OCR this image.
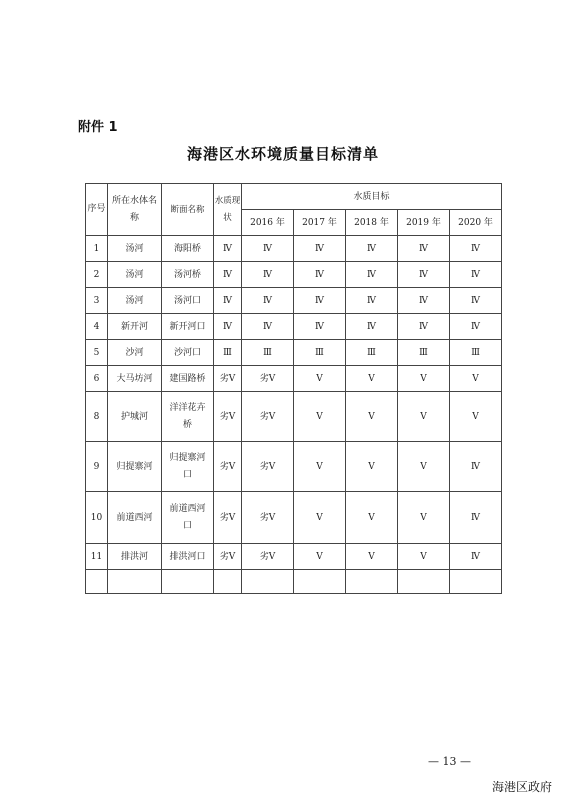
附件 1
海港区水环境质量目标清单
序号	所在水体名称	断面名称	水质现状	水质目标				
				2016 年	2017 年	2018 年	2019 年	2020 年
1	汤河	海阳桥	Ⅳ	Ⅳ	Ⅳ	Ⅳ	Ⅳ	Ⅳ
2	汤河	汤河桥	Ⅳ	Ⅳ	Ⅳ	Ⅳ	Ⅳ	Ⅳ
3	汤河	汤河口	Ⅳ	Ⅳ	Ⅳ	Ⅳ	Ⅳ	Ⅳ
4	新开河	新开河口	Ⅳ	Ⅳ	Ⅳ	Ⅳ	Ⅳ	Ⅳ
5	沙河	沙河口	Ⅲ	Ⅲ	Ⅲ	Ⅲ	Ⅲ	Ⅲ
6	大马坊河	建国路桥	劣Ⅴ	劣Ⅴ	Ⅴ	Ⅴ	Ⅴ	Ⅴ
8	护城河	洋洋花卉桥	劣Ⅴ	劣Ⅴ	Ⅴ	Ⅴ	Ⅴ	Ⅴ
9	归提寨河	归提寨河口	劣Ⅴ	劣Ⅴ	Ⅴ	Ⅴ	Ⅴ	Ⅳ
10	前道西河	前道西河口	劣Ⅴ	劣Ⅴ	Ⅴ	Ⅴ	Ⅴ	Ⅳ
11	排洪河	排洪河口	劣Ⅴ	劣Ⅴ	Ⅴ	Ⅴ	Ⅴ	Ⅳ

— 13 —
海港区政府
